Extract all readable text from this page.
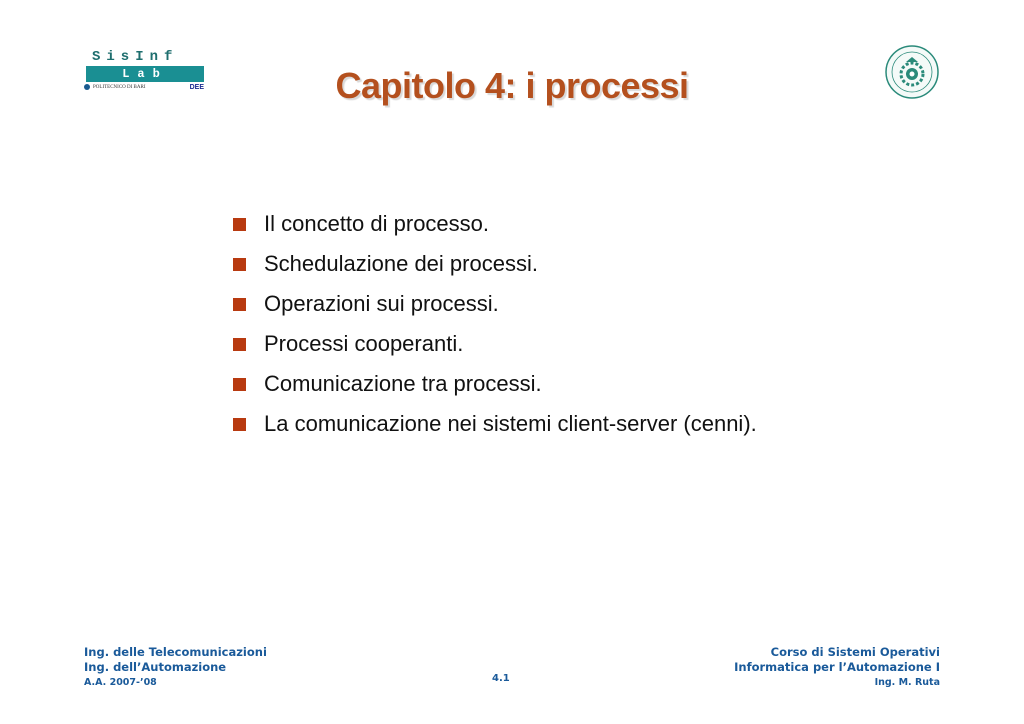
SisInf
Lab
POLITECNICO DI BARI	DEE	Capitolo 4: i processi
Il concetto di processo.
Schedulazione dei processi.
Operazioni sui processi.
Processi cooperanti.
Comunicazione tra processi.
La comunicazione nei sistemi client-server (cenni).
Ing. delle Telecomunicazioni
Ing. dell’Automazione
A.A. 2007-’08	4.1
Corso di Sistemi Operativi
Informatica per l’Automazione I
Ing. M. Ruta
